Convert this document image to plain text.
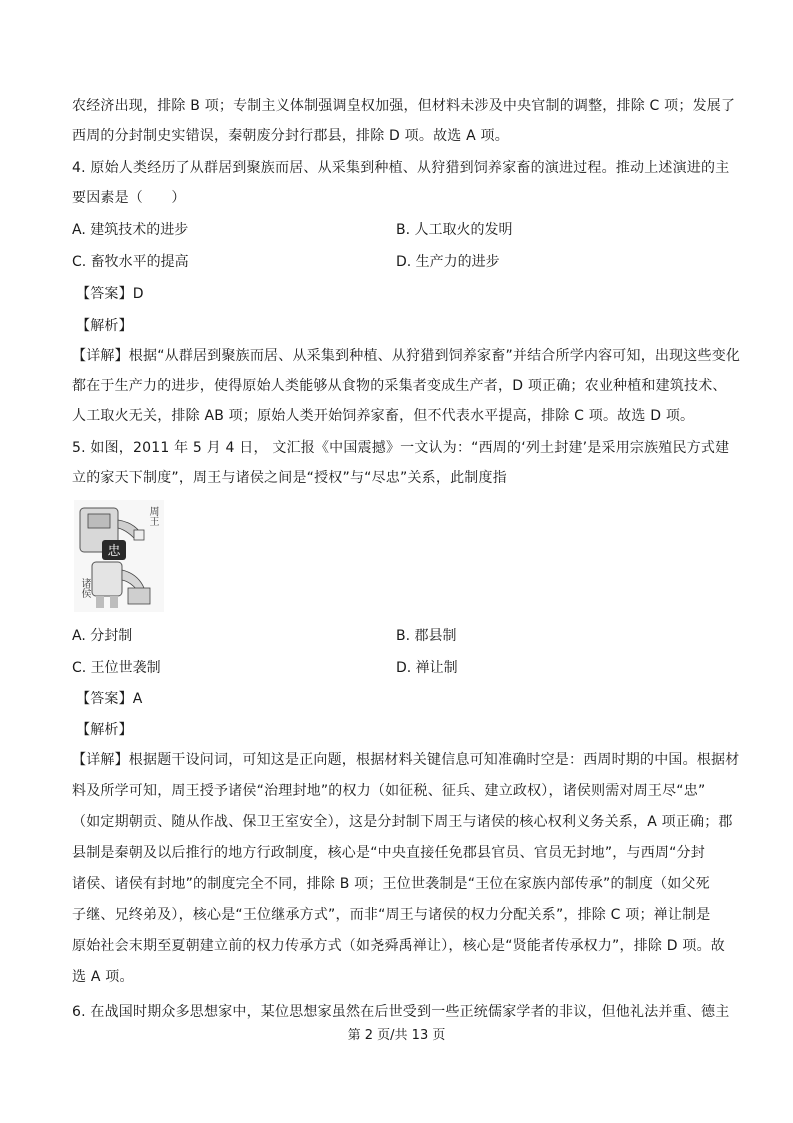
农经济出现，排除 B 项；专制主义体制强调皇权加强，但材料未涉及中央官制的调整，排除 C 项；发展了
西周的分封制史实错误，秦朝废分封行郡县，排除 D 项。故选 A 项。
4. 原始人类经历了从群居到聚族而居、从采集到种植、从狩猎到饲养家畜的演进过程。推动上述演进的主
要因素是（　　）
A. 建筑技术的进步	B. 人工取火的发明
C. 畜牧水平的提高	D. 生产力的进步
【答案】D
【解析】
【详解】根据“从群居到聚族而居、从采集到种植、从狩猎到饲养家畜”并结合所学内容可知，出现这些变化
都在于生产力的进步，使得原始人类能够从食物的采集者变成生产者，D 项正确；农业种植和建筑技术、
人工取火无关，排除 AB 项；原始人类开始饲养家畜，但不代表水平提高，排除 C 项。故选 D 项。
5. 如图，2011 年 5 月 4 日， 文汇报《中国震撼》一文认为：“西周的‘列土封建’是采用宗族殖民方式建
立的家天下制度”，周王与诸侯之间是“授权”与“尽忠”关系，此制度指
忠
周王
诸侯
A. 分封制	B. 郡县制
C. 王位世袭制	D. 禅让制
【答案】A
【解析】
【详解】根据题干设问词，可知这是正向题，根据材料关键信息可知准确时空是：西周时期的中国。根据材
料及所学可知，周王授予诸侯“治理封地”的权力（如征税、征兵、建立政权），诸侯则需对周王尽“忠”
（如定期朝贡、随从作战、保卫王室安全），这是分封制下周王与诸侯的核心权利义务关系，A 项正确；郡
县制是秦朝及以后推行的地方行政制度，核心是“中央直接任免郡县官员、官员无封地”，与西周“分封
诸侯、诸侯有封地”的制度完全不同，排除 B 项；王位世袭制是“王位在家族内部传承”的制度（如父死
子继、兄终弟及），核心是“王位继承方式”，而非“周王与诸侯的权力分配关系”，排除 C 项；禅让制是
原始社会末期至夏朝建立前的权力传承方式（如尧舜禹禅让），核心是“贤能者传承权力”，排除 D 项。故
选 A 项。
6. 在战国时期众多思想家中，某位思想家虽然在后世受到一些正统儒家学者的非议，但他礼法并重、德主
第 2 页/共 13 页
